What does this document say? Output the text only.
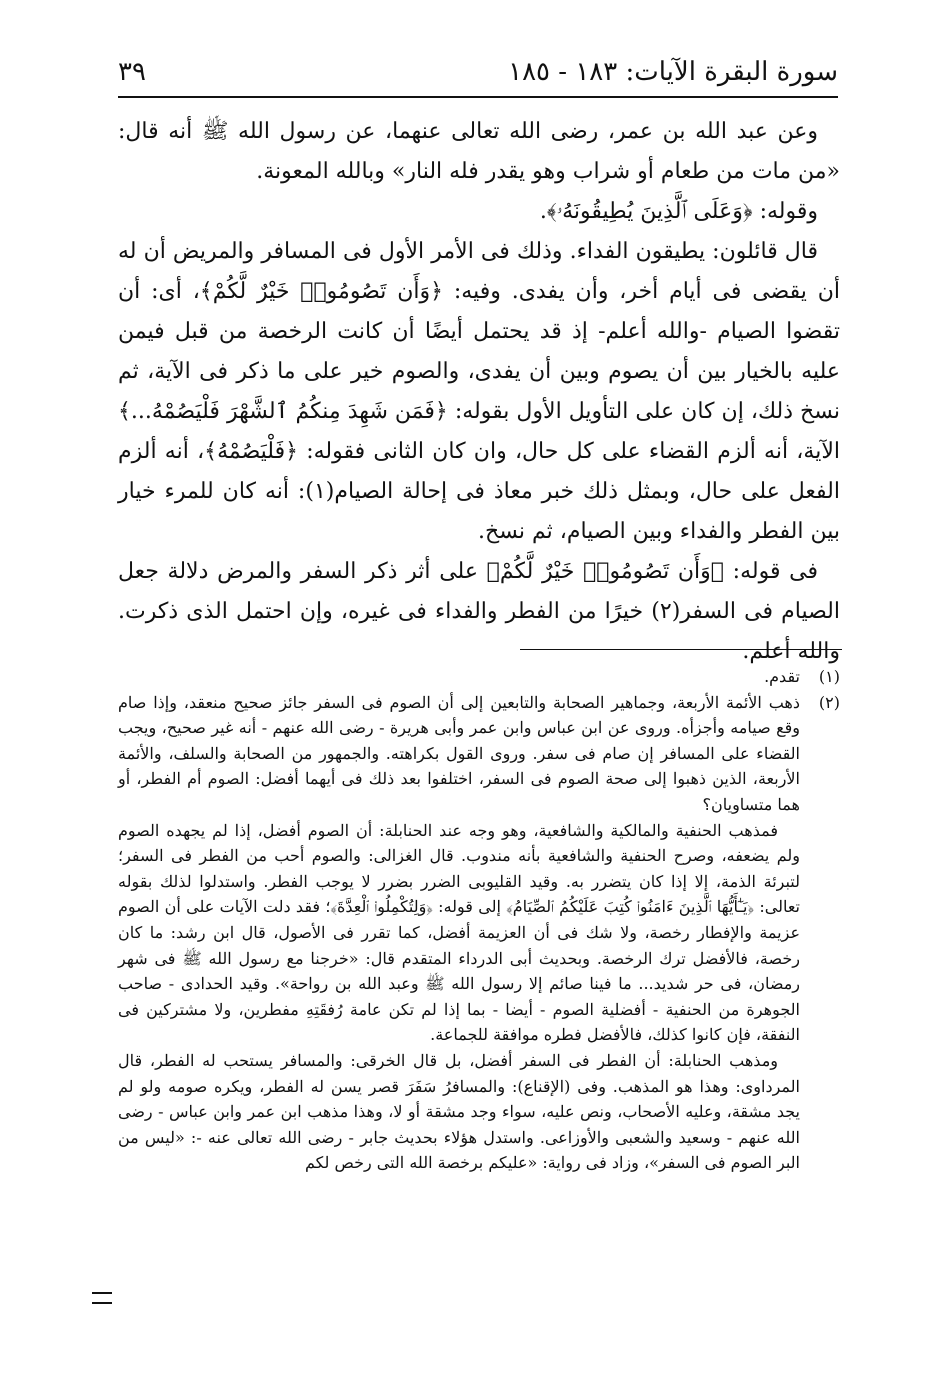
سورة البقرة الآيات: ١٨٣ - ١٨٥
٣٩

وعن عبد الله بن عمر، رضى الله تعالى عنهما، عن رسول الله ﷺ أنه قال: «من مات من طعام أو شراب وهو يقدر فله النار» وبالله المعونة.

وقوله: ﴿وَعَلَى ٱلَّذِينَ يُطِيقُونَهُۥ﴾.

قال قائلون: يطيقون الفداء. وذلك فى الأمر الأول فى المسافر والمريض أن له أن يقضى فى أيام أخر، وأن يفدى. وفيه: ﴿وَأَن تَصُومُوا۟ خَيْرٌ لَّكُمْ﴾، أى: أن تقضوا الصيام -والله أعلم- إذ قد يحتمل أيضًا أن كانت الرخصة من قبل فيمن عليه بالخيار بين أن يصوم وبين أن يفدى، والصوم خير على ما ذكر فى الآية، ثم نسخ ذلك، إن كان على التأويل الأول بقوله: ﴿فَمَن شَهِدَ مِنكُمُ ٱلشَّهْرَ فَلْيَصُمْهُ...﴾ الآية، أنه ألزم القضاء على كل حال، وان كان الثانى فقوله: ﴿فَلْيَصُمْهُ﴾، أنه ألزم الفعل على حال، وبمثل ذلك خبر معاذ فى إحالة الصيام(١): أنه كان للمرء خيار بين الفطر والفداء وبين الصيام، ثم نسخ.

فى قوله: ﴿وَأَن تَصُومُوا۟ خَيْرٌ لَّكُمْ﴾ على أثر ذكر السفر والمرض دلالة جعل الصيام فى السفر(٢) خيرًا من الفطر والفداء فى غيره، وإن احتمل الذى ذكرت. والله أعلم.

(١)
تقدم.
(٢)
ذهب الأئمة الأربعة، وجماهير الصحابة والتابعين إلى أن الصوم فى السفر جائز صحيح منعقد، وإذا صام وقع صيامه وأجزأه. وروى عن ابن عباس وابن عمر وأبى هريرة - رضى الله عنهم - أنه غير صحيح، ويجب القضاء على المسافر إن صام فى سفر. وروى القول بكراهته. والجمهور من الصحابة والسلف، والأئمة الأربعة، الذين ذهبوا إلى صحة الصوم فى السفر، اختلفوا بعد ذلك فى أيهما أفضل: الصوم أم الفطر، أو هما متساويان؟

فمذهب الحنفية والمالكية والشافعية، وهو وجه عند الحنابلة: أن الصوم أفضل، إذا لم يجهده الصوم ولم يضعفه، وصرح الحنفية والشافعية بأنه مندوب. قال الغزالى: والصوم أحب من الفطر فى السفر؛ لتبرئة الذمة، إلا إذا كان يتضرر به. وقيد القليوبى الضرر بضرر لا يوجب الفطر. واستدلوا لذلك بقوله تعالى: ﴿يَـٰٓأَيُّهَا ٱلَّذِينَ ءَامَنُوا۟ كُتِبَ عَلَيْكُمُ ٱلصِّيَامُ﴾ إلى قوله: ﴿وَلِتُكْمِلُوا۟ ٱلْعِدَّةَ﴾؛ فقد دلت الآيات على أن الصوم عزيمة والإفطار رخصة، ولا شك فى أن العزيمة أفضل، كما تقرر فى الأصول، قال ابن رشد: ما كان رخصة، فالأفضل ترك الرخصة. وبحديث أبى الدرداء المتقدم قال: «خرجنا مع رسول الله ﷺ فى شهر رمضان، فى حر شديد... ما فينا صائم إلا رسول الله ﷺ وعبد الله بن رواحة». وقيد الحدادى - صاحب الجوهرة من الحنفية - أفضلية الصوم - أيضا - بما إذا لم تكن عامة رُفقَتِهِ مفطرين، ولا مشتركين فى النفقة، فإن كانوا كذلك، فالأفضل فطره موافقة للجماعة.

ومذهب الحنابلة: أن الفطر فى السفر أفضل، بل قال الخرقى: والمسافر يستحب له الفطر، قال المرداوى: وهذا هو المذهب. وفى (الإقناع): والمسافرُ سَفَرَ قصر يسن له الفطر، ويكره صومه ولو لم يجد مشقة، وعليه الأصحاب، ونص عليه، سواء وجد مشقة أو لا، وهذا مذهب ابن عمر وابن عباس - رضى الله عنهم - وسعيد والشعبى والأوزاعى. واستدل هؤلاء بحديث جابر - رضى الله تعالى عنه -: «ليس من البر الصوم فى السفر»، وزاد فى رواية: «عليكم برخصة الله التى رخص لكم
